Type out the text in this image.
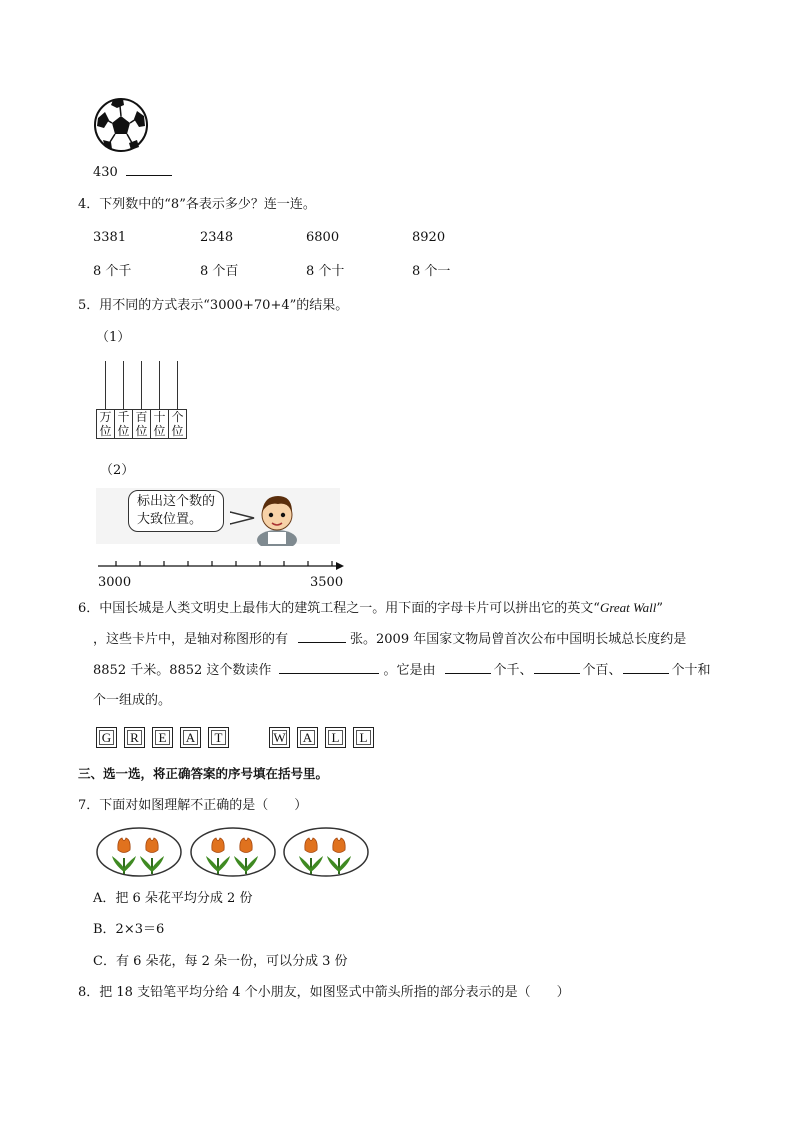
430
4．下列数中的“8”各表示多少？连一连。
3381	2348	6800	8920
8 个千	8 个百	8 个十	8 个一
5．用不同的方式表示“3000+70+4”的结果。
（1）
万
位
千
位
百
位
十
位
个
位
（2）
标出这个数的
大致位置。
3000	3500
6．中国长城是人类文明史上最伟大的建筑工程之一。用下面的字母卡片可以拼出它的英文“Great Wall”
，这些卡片中，是轴对称图形的有	张。2009 年国家文物局曾首次公布中国明长城总长度约是
8852 千米。8852 这个数读作	。它是由	个千、	个百、	个十和
个一组成的。
G	R	E	A	T	W	A	L	L
三、选一选，将正确答案的序号填在括号里。
7．下面对如图理解不正确的是（　　）
A．把 6 朵花平均分成 2 份
B．2×3＝6
C．有 6 朵花，每 2 朵一份，可以分成 3 份
8．把 18 支铅笔平均分给 4 个小朋友，如图竖式中箭头所指的部分表示的是（　　）
